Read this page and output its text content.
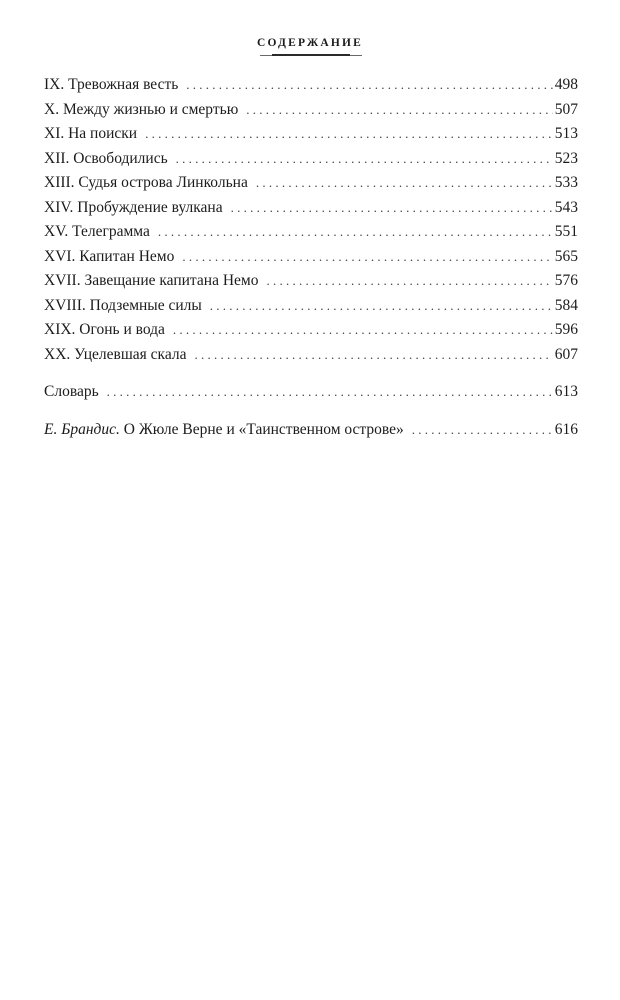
СОДЕРЖАНИЕ
IX. Тревожная весть . . .	498
X. Между жизнью и смертью . . .	507
XI. На поиски . . .	513
XII. Освободились . . .	523
XIII. Судья острова Линкольна . . .	533
XIV. Пробуждение вулкана . . .	543
XV. Телеграмма . . .	551
XVI. Капитан Немо . . .	565
XVII. Завещание капитана Немо . . .	576
XVIII. Подземные силы . . .	584
XIX. Огонь и вода . . .	596
XX. Уцелевшая скала . . .	607
Словарь . . .	613
Е. Брандис. О Жюле Верне и «Таинственном острове» . . .	616
